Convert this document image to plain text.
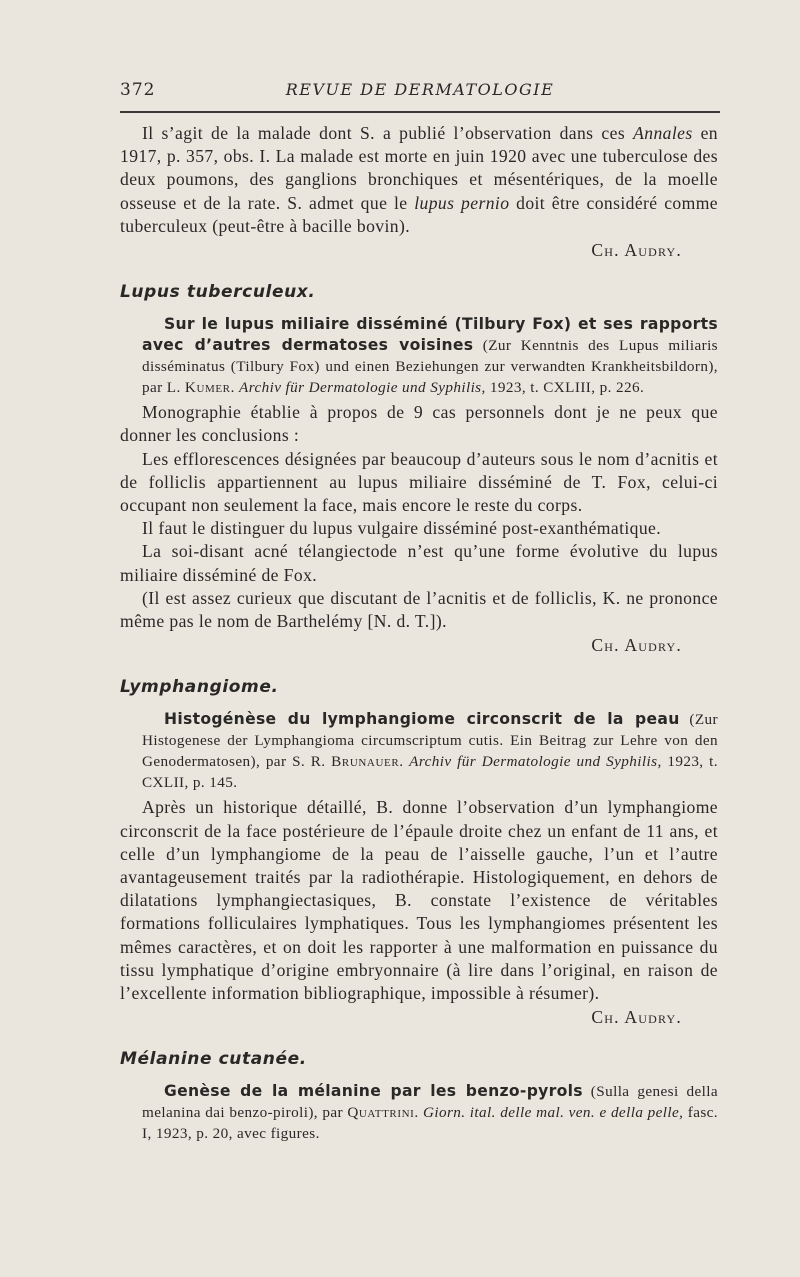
372	REVUE DE DERMATOLOGIE

Il s’agit de la malade dont S. a publié l’observation dans ces Annales en 1917, p. 357, obs. I. La malade est morte en juin 1920 avec une tuberculose des deux poumons, des ganglions bronchiques et mésentériques, de la moelle osseuse et de la rate. S. admet que le lupus pernio doit être considéré comme tuberculeux (peut-être à bacille bovin).

Ch. Audry.
Lupus tuberculeux.

Sur le lupus miliaire disséminé (Tilbury Fox) et ses rapports avec d’autres dermatoses voisines (Zur Kenntnis des Lupus miliaris disséminatus (Tilbury Fox) und einen Beziehungen zur verwandten Krankheitsbildorn), par L. Kumer. Archiv für Dermatologie und Syphilis, 1923, t. CXLIII, p. 226.

Monographie établie à propos de 9 cas personnels dont je ne peux que donner les conclusions :

Les efflorescences désignées par beaucoup d’auteurs sous le nom d’acnitis et de folliclis appartiennent au lupus miliaire disséminé de T. Fox, celui-ci occupant non seulement la face, mais encore le reste du corps.

Il faut le distinguer du lupus vulgaire disséminé post-exanthématique.

La soi-disant acné télangiectode n’est qu’une forme évolutive du lupus miliaire disséminé de Fox.

(Il est assez curieux que discutant de l’acnitis et de folliclis, K. ne prononce même pas le nom de Barthelémy [N. d. T.]).

Ch. Audry.
Lymphangiome.

Histogénèse du lymphangiome circonscrit de la peau (Zur Histogenese der Lymphangioma circumscriptum cutis. Ein Beitrag zur Lehre von den Genodermatosen), par S. R. Brunauer. Archiv für Dermatologie und Syphilis, 1923, t. CXLII, p. 145.

Après un historique détaillé, B. donne l’observation d’un lymphangiome circonscrit de la face postérieure de l’épaule droite chez un enfant de 11 ans, et celle d’un lymphangiome de la peau de l’aisselle gauche, l’un et l’autre avantageusement traités par la radiothérapie. Histologiquement, en dehors de dilatations lymphangiectasiques, B. constate l’existence de véritables formations folliculaires lymphatiques. Tous les lymphangiomes présentent les mêmes caractères, et on doit les rapporter à une malformation en puissance du tissu lymphatique d’origine embryonnaire (à lire dans l’original, en raison de l’excellente information bibliographique, impossible à résumer).

Ch. Audry.
Mélanine cutanée.

Genèse de la mélanine par les benzo-pyrols (Sulla genesi della melanina dai benzo-piroli), par Quattrini. Giorn. ital. delle mal. ven. e della pelle, fasc. I, 1923, p. 20, avec figures.
